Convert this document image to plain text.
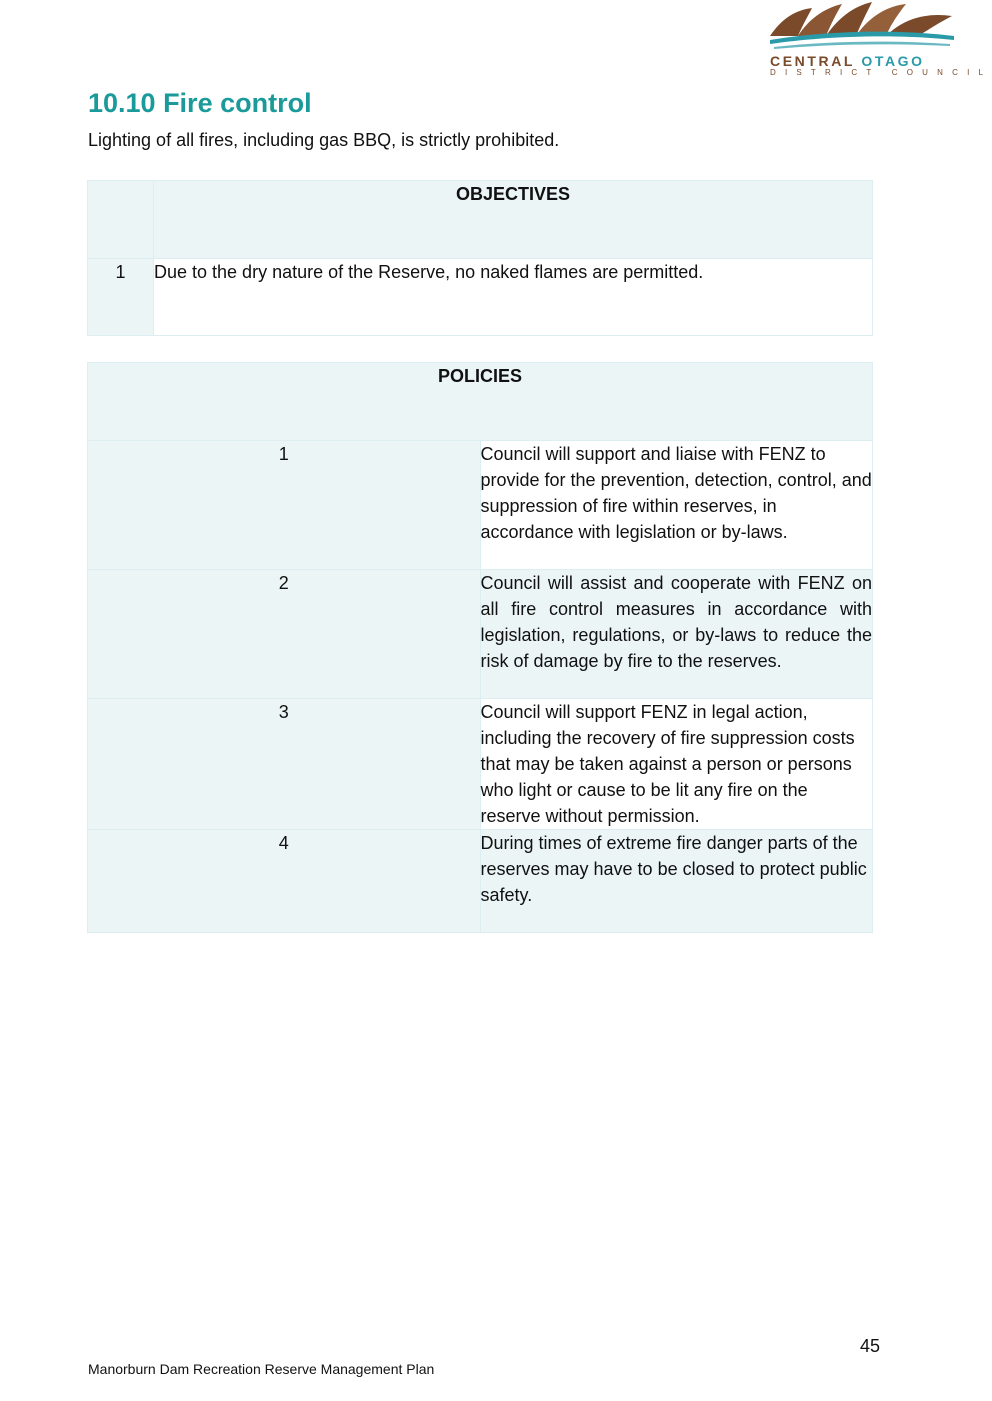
CENTRAL OTAGO
DISTRICT COUNCIL
10.10 Fire control

Lighting of all fires, including gas BBQ, is strictly prohibited.

	OBJECTIVES
1	Due to the dry nature of the Reserve, no naked flames are permitted.
POLICIES	
1	Council will support and liaise with FENZ to provide for the prevention, detection, control, and suppression of fire within reserves, in accordance with legislation or by-laws.
2	Council will assist and cooperate with FENZ on all fire control measures in accordance with legislation, regulations, or by-laws to reduce the risk of damage by fire to the reserves.
3	Council will support FENZ in legal action, including the recovery of fire suppression costs that may be taken against a person or persons who light or cause to be lit any fire on the reserve without permission.
4	During times of extreme fire danger parts of the reserves may have to be closed to protect public safety.
45
Manorburn Dam Recreation Reserve Management Plan
